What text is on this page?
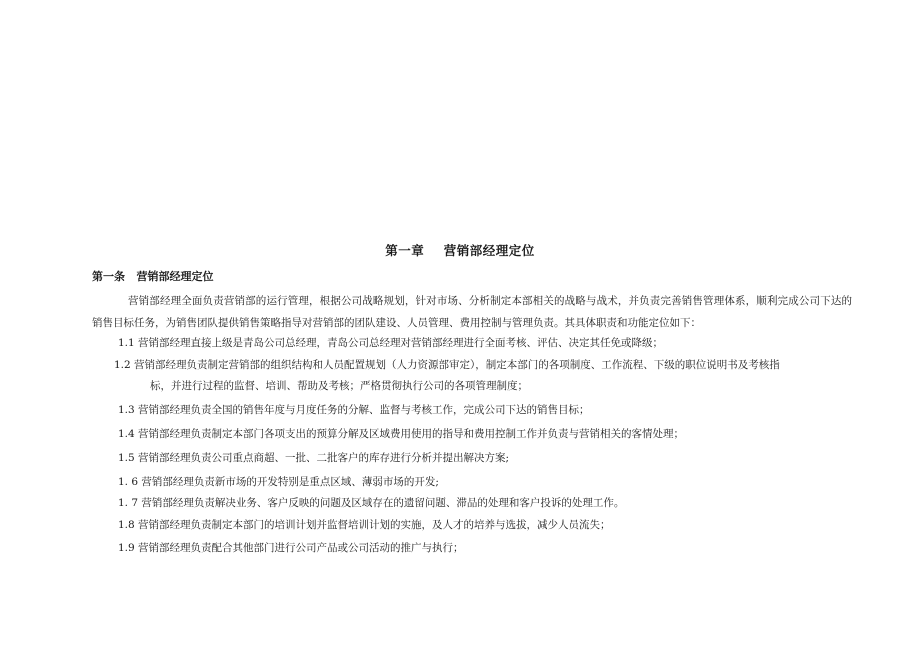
第一章    营销部经理定位
第一条   营销部经理定位
营销部经理全面负责营销部的运行管理，根据公司战略规划，针对市场、分析制定本部相关的战略与战术，并负责完善销售管理体系，顺利完成公司下达的销售目标任务，为销售团队提供销售策略指导对营销部的团队建设、人员管理、费用控制与管理负责。其具体职责和功能定位如下：
1.1 营销部经理直接上级是青岛公司总经理，青岛公司总经理对营销部经理进行全面考核、评估、决定其任免或降级；
1.2 营销部经理负责制定营销部的组织结构和人员配置规划（人力资源部审定），制定本部门的各项制度、工作流程、下级的职位说明书及考核指
标，并进行过程的监督、培训、帮助及考核；严格贯彻执行公司的各项管理制度；
1.3 营销部经理负责全国的销售年度与月度任务的分解、监督与考核工作，完成公司下达的销售目标；
1.4 营销部经理负责制定本部门各项支出的预算分解及区域费用使用的指导和费用控制工作并负责与营销相关的客情处理；
1.5 营销部经理负责公司重点商超、一批、二批客户的库存进行分析并提出解决方案;
1. 6 营销部经理负责新市场的开发特别是重点区域、薄弱市场的开发;
1. 7 营销部经理负责解决业务、客户反映的问题及区域存在的遗留问题、滞品的处理和客户投诉的处理工作。
1.8 营销部经理负责制定本部门的培训计划并监督培训计划的实施，及人才的培养与选拔，减少人员流失；
1.9 营销部经理负责配合其他部门进行公司产品或公司活动的推广与执行；
